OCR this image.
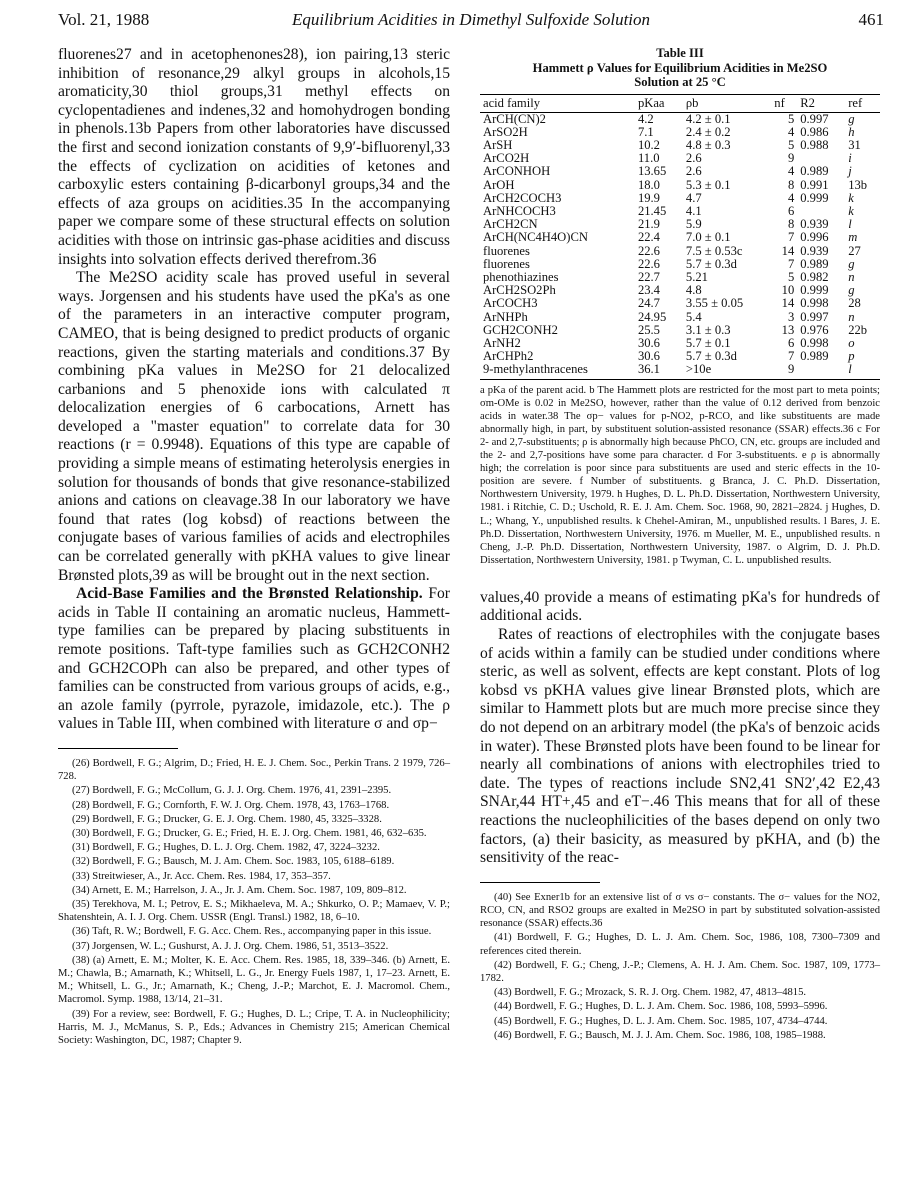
Vol. 21, 1988	Equilibrium Acidities in Dimethyl Sulfoxide Solution	461

fluorenes27 and in acetophenones28), ion pairing,13 steric inhibition of resonance,29 alkyl groups in alcohols,15 aromaticity,30 thiol groups,31 methyl effects on cyclopentadienes and indenes,32 and homohydrogen bonding in phenols.13b Papers from other laboratories have discussed the first and second ionization constants of 9,9′-bifluorenyl,33 the effects of cyclization on acidities of ketones and carboxylic esters containing β-dicarbonyl groups,34 and the effects of aza groups on acidities.35 In the accompanying paper we compare some of these structural effects on solution acidities with those on intrinsic gas-phase acidities and discuss insights into solvation effects derived therefrom.36

The Me2SO acidity scale has proved useful in several ways. Jorgensen and his students have used the pKa's as one of the parameters in an interactive computer program, CAMEO, that is being designed to predict products of organic reactions, given the starting materials and conditions.37 By combining pKa values in Me2SO for 21 delocalized carbanions and 5 phenoxide ions with calculated π delocalization energies of 6 carbocations, Arnett has developed a "master equation" to correlate data for 30 reactions (r = 0.9948). Equations of this type are capable of providing a simple means of estimating heterolysis energies in solution for thousands of bonds that give resonance-stabilized anions and cations on cleavage.38 In our laboratory we have found that rates (log kobsd) of reactions between the conjugate bases of various families of acids and electrophiles can be correlated generally with pKHA values to give linear Brønsted plots,39 as will be brought out in the next section.

Acid-Base Families and the Brønsted Relationship. For acids in Table II containing an aromatic nucleus, Hammett-type families can be prepared by placing substituents in remote positions. Taft-type families such as GCH2CONH2 and GCH2COPh can also be prepared, and other types of families can be constructed from various groups of acids, e.g., an azole family (pyrrole, pyrazole, imidazole, etc.). The ρ values in Table III, when combined with literature σ and σp−

(26) Bordwell, F. G.; Algrim, D.; Fried, H. E. J. Chem. Soc., Perkin Trans. 2 1979, 726–728.

(27) Bordwell, F. G.; McCollum, G. J. J. Org. Chem. 1976, 41, 2391–2395.

(28) Bordwell, F. G.; Cornforth, F. W. J. Org. Chem. 1978, 43, 1763–1768.

(29) Bordwell, F. G.; Drucker, G. E. J. Org. Chem. 1980, 45, 3325–3328.

(30) Bordwell, F. G.; Drucker, G. E.; Fried, H. E. J. Org. Chem. 1981, 46, 632–635.

(31) Bordwell, F. G.; Hughes, D. L. J. Org. Chem. 1982, 47, 3224–3232.

(32) Bordwell, F. G.; Bausch, M. J. Am. Chem. Soc. 1983, 105, 6188–6189.

(33) Streitwieser, A., Jr. Acc. Chem. Res. 1984, 17, 353–357.

(34) Arnett, E. M.; Harrelson, J. A., Jr. J. Am. Chem. Soc. 1987, 109, 809–812.

(35) Terekhova, M. I.; Petrov, E. S.; Mikhaeleva, M. A.; Shkurko, O. P.; Mamaev, V. P.; Shatenshtein, A. I. J. Org. Chem. USSR (Engl. Transl.) 1982, 18, 6–10.

(36) Taft, R. W.; Bordwell, F. G. Acc. Chem. Res., accompanying paper in this issue.

(37) Jorgensen, W. L.; Gushurst, A. J. J. Org. Chem. 1986, 51, 3513–3522.

(38) (a) Arnett, E. M.; Molter, K. E. Acc. Chem. Res. 1985, 18, 339–346. (b) Arnett, E. M.; Chawla, B.; Amarnath, K.; Whitsell, L. G., Jr. Energy Fuels 1987, 1, 17–23. Arnett, E. M.; Whitsell, L. G., Jr.; Amarnath, K.; Cheng, J.-P.; Marchot, E. J. Macromol. Chem., Macromol. Symp. 1988, 13/14, 21–31.

(39) For a review, see: Bordwell, F. G.; Hughes, D. L.; Cripe, T. A. in Nucleophilicity; Harris, M. J., McManus, S. P., Eds.; Advances in Chemistry 215; American Chemical Society: Washington, DC, 1987; Chapter 9.

Table III
Hammett ρ Values for Equilibrium Acidities in Me2SO
Solution at 25 °C
acid family	pKaa	ρb	nf	R2	ref
ArCH(CN)2	4.2	4.2 ± 0.1	5	0.997	g
ArSO2H	7.1	2.4 ± 0.2	4	0.986	h
ArSH	10.2	4.8 ± 0.3	5	0.988	31
ArCO2H	11.0	2.6	9		i
ArCONHOH	13.65	2.6	4	0.989	j
ArOH	18.0	5.3 ± 0.1	8	0.991	13b
ArCH2COCH3	19.9	4.7	4	0.999	k
ArNHCOCH3	21.45	4.1	6		k
ArCH2CN	21.9	5.9	8	0.939	l
ArCH(NC4H4O)CN	22.4	7.0 ± 0.1	7	0.996	m
fluorenes	22.6	7.5 ± 0.53c	14	0.939	27
fluorenes	22.6	5.7 ± 0.3d	7	0.989	g
phenothiazines	22.7	5.21	5	0.982	n
ArCH2SO2Ph	23.4	4.8	10	0.999	g
ArCOCH3	24.7	3.55 ± 0.05	14	0.998	28
ArNHPh	24.95	5.4	3	0.997	n
GCH2CONH2	25.5	3.1 ± 0.3	13	0.976	22b
ArNH2	30.6	5.7 ± 0.1	6	0.998	o
ArCHPh2	30.6	5.7 ± 0.3d	7	0.989	p
9-methylanthracenes	36.1	>10e	9		l
a pKa of the parent acid. b The Hammett plots are restricted for the most part to meta points; σm-OMe is 0.02 in Me2SO, however, rather than the value of 0.12 derived from benzoic acids in water.38 The σp− values for p-NO2, p-RCO, and like substituents are made abnormally high, in part, by substituent solution-assisted resonance (SSAR) effects.36 c For 2- and 2,7-substituents; ρ is abnormally high because PhCO, CN, etc. groups are included and the 2- and 2,7-positions have some para character. d For 3-substituents. e ρ is abnormally high; the correlation is poor since para substituents are used and steric effects in the 10-position are severe. f Number of substituents. g Branca, J. C. Ph.D. Dissertation, Northwestern University, 1979. h Hughes, D. L. Ph.D. Dissertation, Northwestern University, 1981. i Ritchie, C. D.; Uschold, R. E. J. Am. Chem. Soc. 1968, 90, 2821–2824. j Hughes, D. L.; Whang, Y., unpublished results. k Chehel-Amiran, M., unpublished results. l Bares, J. E. Ph.D. Dissertation, Northwestern University, 1976. m Mueller, M. E., unpublished results. n Cheng, J.-P. Ph.D. Dissertation, Northwestern University, 1987. o Algrim, D. J. Ph.D. Dissertation, Northwestern University, 1981. p Twyman, C. L. unpublished results.

values,40 provide a means of estimating pKa's for hundreds of additional acids.

Rates of reactions of electrophiles with the conjugate bases of acids within a family can be studied under conditions where steric, as well as solvent, effects are kept constant. Plots of log kobsd vs pKHA values give linear Brønsted plots, which are similar to Hammett plots but are much more precise since they do not depend on an arbitrary model (the pKa's of benzoic acids in water). These Brønsted plots have been found to be linear for nearly all combinations of anions with electrophiles tried to date. The types of reactions include SN2,41 SN2′,42 E2,43 SNAr,44 HT+,45 and eT−.46 This means that for all of these reactions the nucleophilicities of the bases depend on only two factors, (a) their basicity, as measured by pKHA, and (b) the sensitivity of the reac-

(40) See Exner1b for an extensive list of σ vs σ− constants. The σ− values for the NO2, RCO, CN, and RSO2 groups are exalted in Me2SO in part by substituted solvation-assisted resonance (SSAR) effects.36

(41) Bordwell, F. G.; Hughes, D. L. J. Am. Chem. Soc, 1986, 108, 7300–7309 and references cited therein.

(42) Bordwell, F. G.; Cheng, J.-P.; Clemens, A. H. J. Am. Chem. Soc. 1987, 109, 1773–1782.

(43) Bordwell, F. G.; Mrozack, S. R. J. Org. Chem. 1982, 47, 4813–4815.

(44) Bordwell, F. G.; Hughes, D. L. J. Am. Chem. Soc. 1986, 108, 5993–5996.

(45) Bordwell, F. G.; Hughes, D. L. J. Am. Chem. Soc. 1985, 107, 4734–4744.

(46) Bordwell, F. G.; Bausch, M. J. J. Am. Chem. Soc. 1986, 108, 1985–1988.
